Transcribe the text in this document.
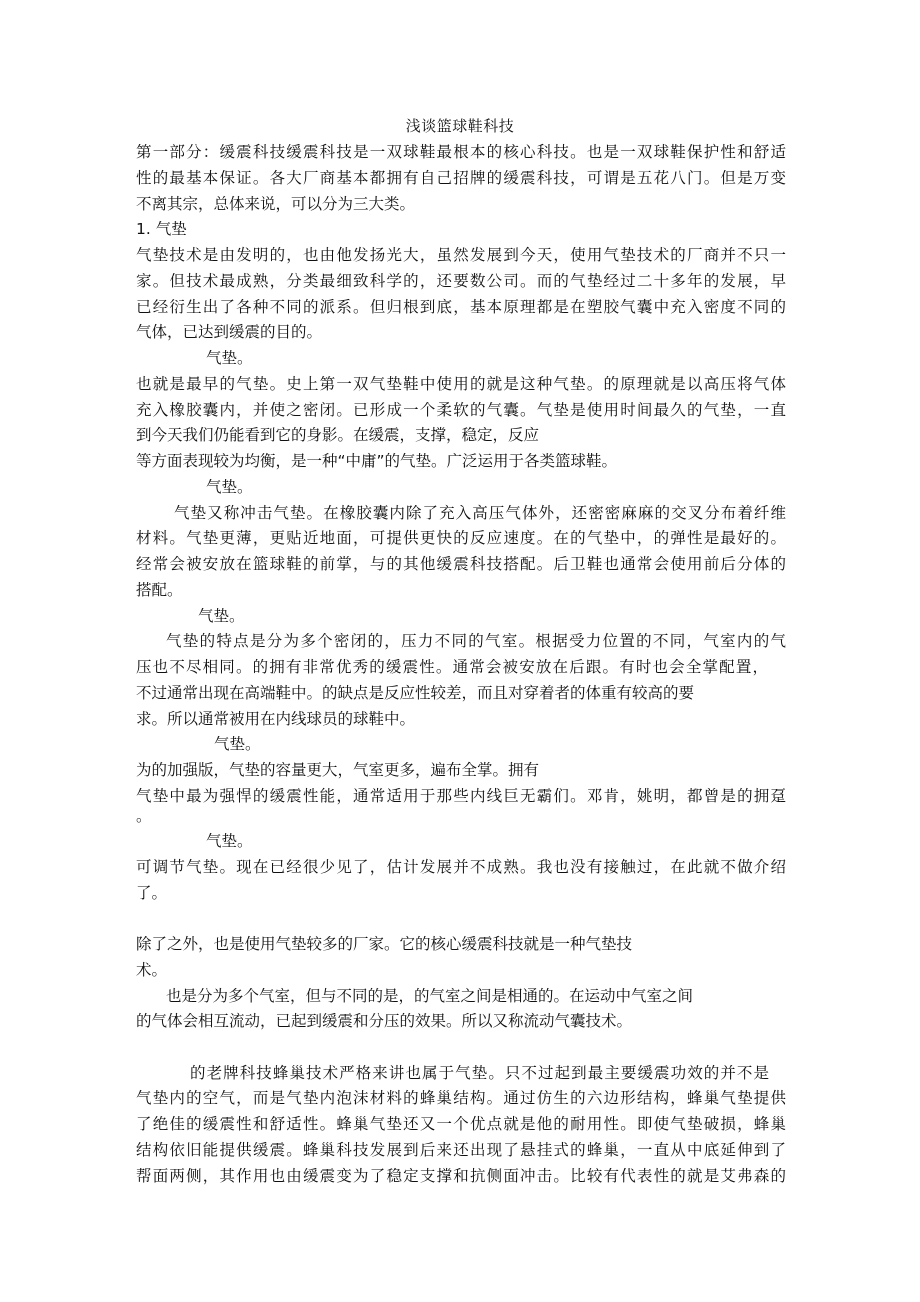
浅谈篮球鞋科技
第一部分：缓震科技缓震科技是一双球鞋最根本的核心科技。也是一双球鞋保护性和舒适
性的最基本保证。各大厂商基本都拥有自己招牌的缓震科技，可谓是五花八门。但是万变
不离其宗，总体来说，可以分为三大类。
1. 气垫
气垫技术是由发明的，也由他发扬光大，虽然发展到今天，使用气垫技术的厂商并不只一
家。但技术最成熟，分类最细致科学的，还要数公司。而的气垫经过二十多年的发展，早
已经衍生出了各种不同的派系。但归根到底，基本原理都是在塑胶气囊中充入密度不同的
气体，已达到缓震的目的。
气垫。
也就是最早的气垫。史上第一双气垫鞋中使用的就是这种气垫。的原理就是以高压将气体
充入橡胶囊内，并使之密闭。已形成一个柔软的气囊。气垫是使用时间最久的气垫，一直
到今天我们仍能看到它的身影。在缓震，支撑，稳定，反应
等方面表现较为均衡，是一种“中庸”的气垫。广泛运用于各类篮球鞋。
气垫。
气垫又称冲击气垫。在橡胶囊内除了充入高压气体外，还密密麻麻的交叉分布着纤维
材料。气垫更薄，更贴近地面，可提供更快的反应速度。在的气垫中，的弹性是最好的。
经常会被安放在篮球鞋的前掌，与的其他缓震科技搭配。后卫鞋也通常会使用前后分体的
搭配。
气垫。
气垫的特点是分为多个密闭的，压力不同的气室。根据受力位置的不同，气室内的气
压也不尽相同。的拥有非常优秀的缓震性。通常会被安放在后跟。有时也会全掌配置，
不过通常出现在高端鞋中。的缺点是反应性较差，而且对穿着者的体重有较高的要
求。所以通常被用在内线球员的球鞋中。
气垫。
为的加强版，气垫的容量更大，气室更多，遍布全掌。拥有
气垫中最为强悍的缓震性能，通常适用于那些内线巨无霸们。邓肯，姚明，都曾是的拥趸
。
气垫。
可调节气垫。现在已经很少见了，估计发展并不成熟。我也没有接触过，在此就不做介绍
了。
除了之外，也是使用气垫较多的厂家。它的核心缓震科技就是一种气垫技
术。
也是分为多个气室，但与不同的是，的气室之间是相通的。在运动中气室之间
的气体会相互流动，已起到缓震和分压的效果。所以又称流动气囊技术。
的老牌科技蜂巢技术严格来讲也属于气垫。只不过起到最主要缓震功效的并不是
气垫内的空气，而是气垫内泡沫材料的蜂巢结构。通过仿生的六边形结构，蜂巢气垫提供
了绝佳的缓震性和舒适性。蜂巢气垫还又一个优点就是他的耐用性。即使气垫破损，蜂巢
结构依旧能提供缓震。蜂巢科技发展到后来还出现了悬挂式的蜂巢，一直从中底延伸到了
帮面两侧，其作用也由缓震变为了稳定支撑和抗侧面冲击。比较有代表性的就是艾弗森的
